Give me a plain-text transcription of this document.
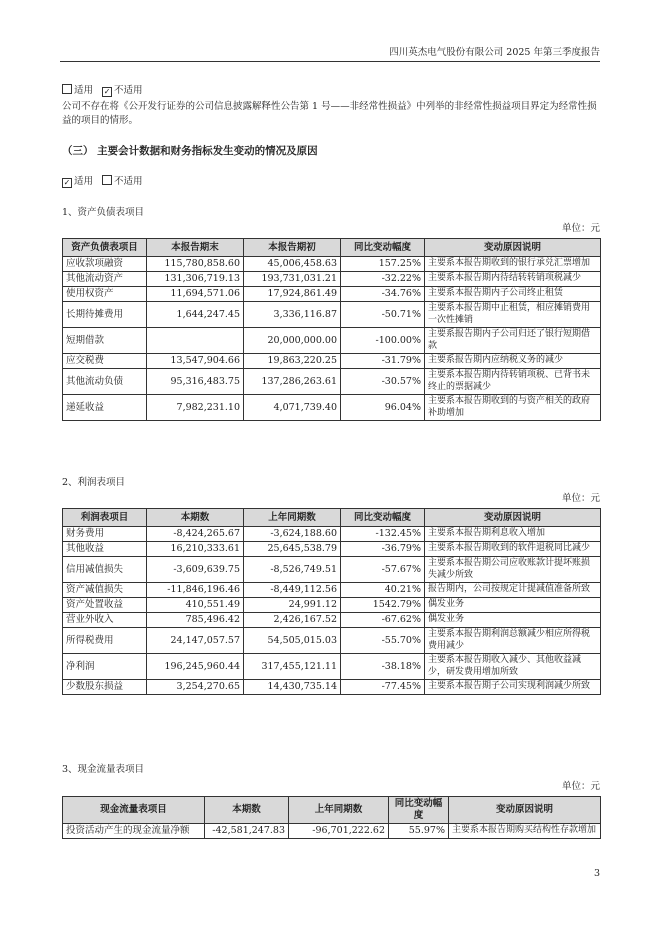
四川英杰电气股份有限公司 2025 年第三季度报告
适用 ✓ 不适用
公司不存在将《公开发行证券的公司信息披露解释性公告第 1 号——非经常性损益》中列举的非经常性损益项目界定为经常性损益的项目的情形。
（三） 主要会计数据和财务指标发生变动的情况及原因
✓ 适用 不适用
1、资产负债表项目
单位：元
资产负债表项目	本报告期末	本报告期初	同比变动幅度	变动原因说明
应收款项融资	115,780,858.60	45,006,458.63	157.25%	主要系本报告期收到的银行承兑汇票增加
其他流动资产	131,306,719.13	193,731,031.21	-32.22%	主要系本报告期内待结转转销项税减少
使用权资产	11,694,571.06	17,924,861.49	-34.76%	主要系本报告期内子公司终止租赁
长期待摊费用	1,644,247.45	3,336,116.87	-50.71%	主要系本报告期中止租赁，相应摊销费用一次性摊销
短期借款		20,000,000.00	-100.00%	主要系报告期内子公司归还了银行短期借款
应交税费	13,547,904.66	19,863,220.25	-31.79%	主要系报告期内应纳税义务的减少
其他流动负债	95,316,483.75	137,286,263.61	-30.57%	主要系本报告期内待转销项税、已背书未终止的票据减少
递延收益	7,982,231.10	4,071,739.40	96.04%	主要系本报告期收到的与资产相关的政府补助增加
2、利润表项目
单位：元
利润表项目	本期数	上年同期数	同比变动幅度	变动原因说明
财务费用	-8,424,265.67	-3,624,188.60	-132.45%	主要系本报告期利息收入增加
其他收益	16,210,333.61	25,645,538.79	-36.79%	主要系本报告期收到的软件退税同比减少
信用减值损失	-3,609,639.75	-8,526,749.51	-57.67%	主要系本报告期公司应收账款计提坏账损失减少所致
资产减值损失	-11,846,196.46	-8,449,112.56	40.21%	报告期内，公司按规定计提减值准备所致
资产处置收益	410,551.49	24,991.12	1542.79%	偶发业务
营业外收入	785,496.42	2,426,167.52	-67.62%	偶发业务
所得税费用	24,147,057.57	54,505,015.03	-55.70%	主要系本报告期利润总额减少相应所得税费用减少
净利润	196,245,960.44	317,455,121.11	-38.18%	主要系本报告期收入减少、其他收益减少，研发费用增加所致
少数股东损益	3,254,270.65	14,430,735.14	-77.45%	主要系本报告期子公司实现利润减少所致
3、现金流量表项目
单位：元
现金流量表项目	本期数	上年同期数	同比变动幅度	变动原因说明
投资活动产生的现金流量净额	-42,581,247.83	-96,701,222.62	55.97%	主要系本报告期购买结构性存款增加
3
